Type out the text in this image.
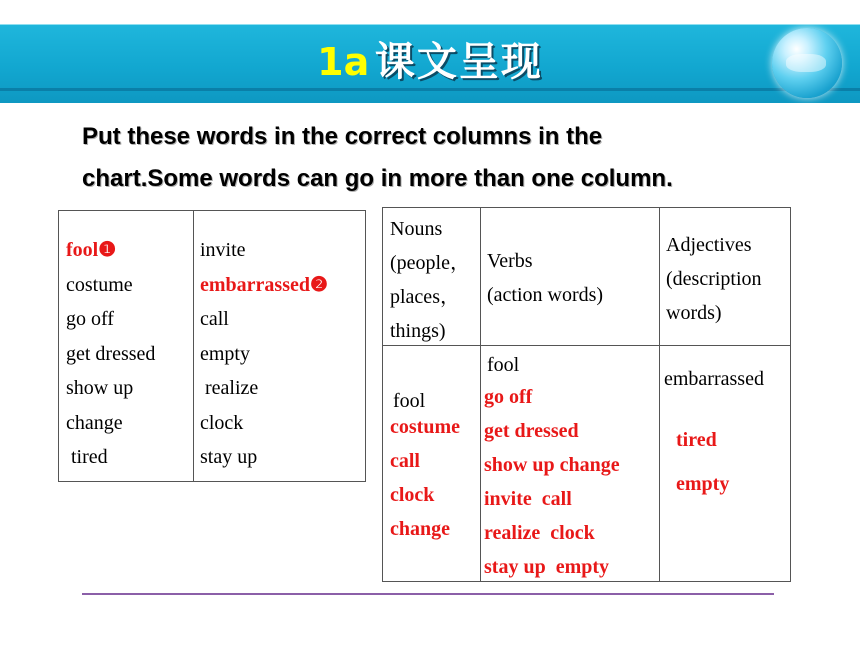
1a 课文呈现
Put these words in the correct columns in the
chart.Some words can go in more than one column.
fool❶
costume
go off
get dressed
show up
change
tired
invite
embarrassed❷
call
empty
realize
clock
stay up
Nouns
(people，
places，
things)
Verbs
(action words)
Adjectives
(description
words)
fool
costume
call
clock
change
fool
go off
get dressed
show up change
invite  call
realize  clock
stay up  empty
embarrassed
tired
empty
